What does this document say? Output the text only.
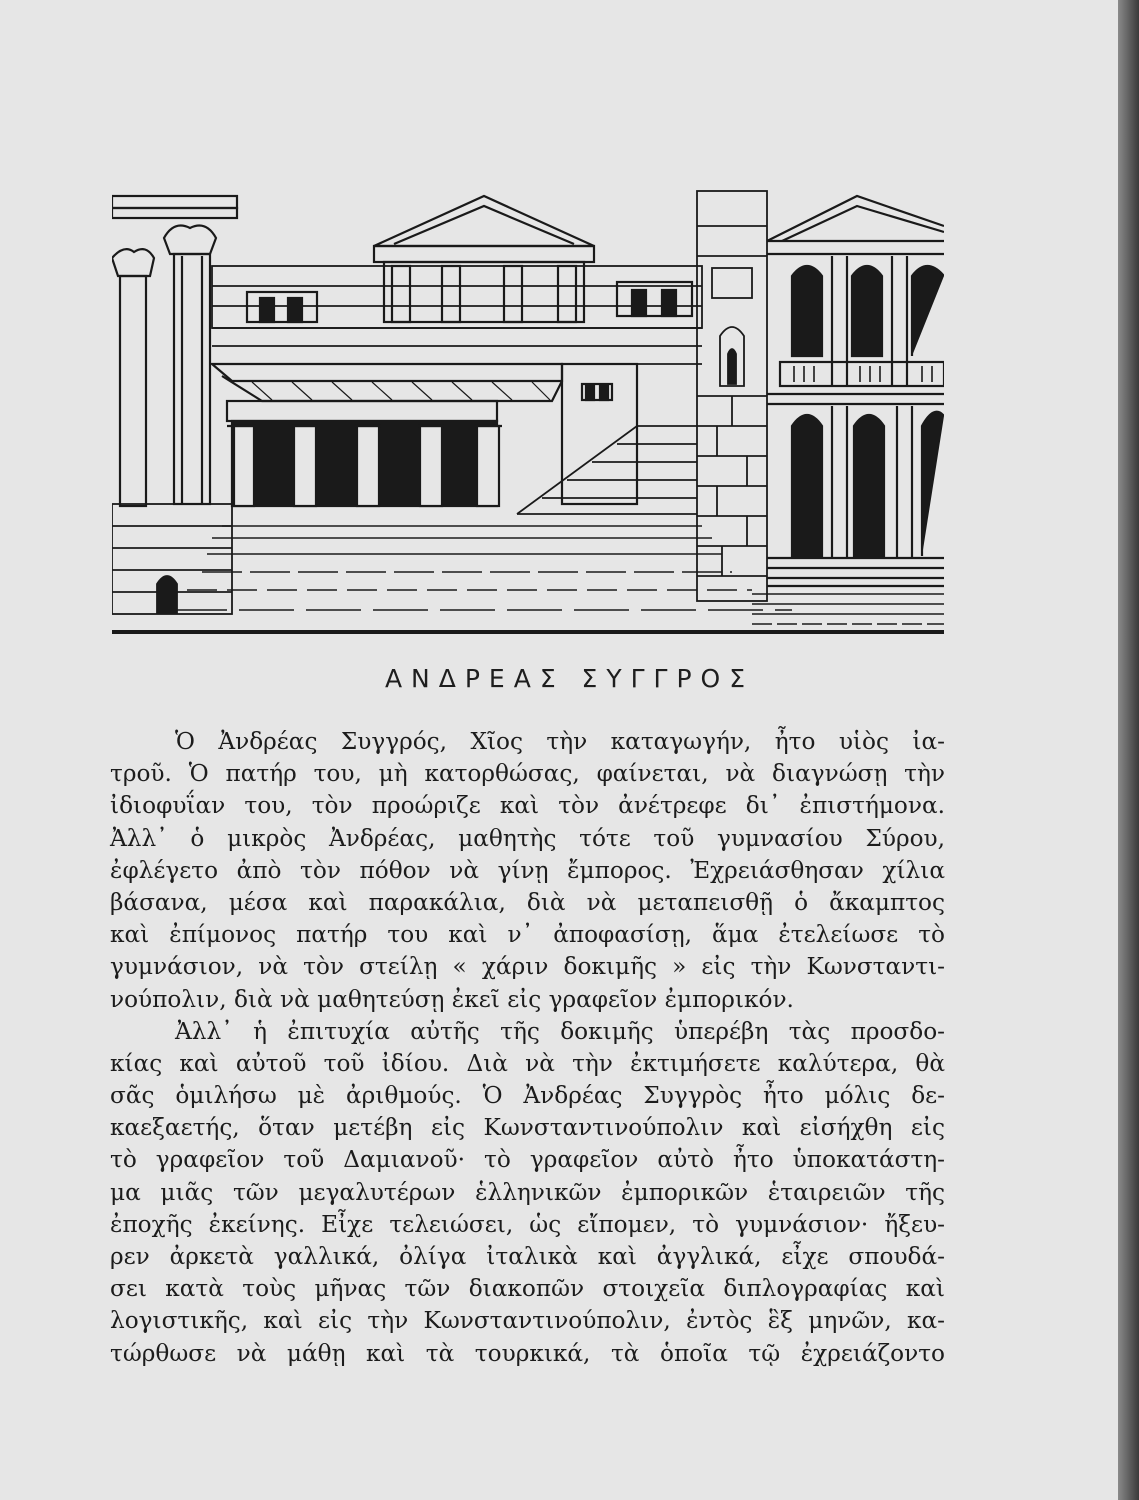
ΑΝΔΡΕΑΣ ΣΥΓΓΡΟΣ

Ὁ Ἀνδρέας Συγγρός, Χῖος τὴν καταγωγήν, ἦτο υἱὸς ἰα-
τροῦ. Ὁ πατήρ του, μὴ κατορθώσας, φαίνεται, νὰ διαγνώσῃ τὴν
ἰδιοφυΐαν του, τὸν προώριζε καὶ τὸν ἀνέτρεφε δι᾿ ἐπιστήμονα.
Ἀλλ᾿ ὁ μικρὸς Ἀνδρέας, μαθητὴς τότε τοῦ γυμνασίου Σύρου,
ἐφλέγετο ἀπὸ τὸν πόθον νὰ γίνῃ ἔμπορος. Ἐχρειάσθησαν χίλια
βάσανα, μέσα καὶ παρακάλια, διὰ νὰ μεταπεισθῇ ὁ ἄκαμπτος
καὶ ἐπίμονος πατήρ του καὶ ν᾿ ἀποφασίσῃ, ἅμα ἐτελείωσε τὸ
γυμνάσιον, νὰ τὸν στείλῃ « χάριν δοκιμῆς » εἰς τὴν Κωνσταντι-
νούπολιν, διὰ νὰ μαθητεύσῃ ἐκεῖ εἰς γραφεῖον ἐμπορικόν.

Ἀλλ᾿ ἡ ἐπιτυχία αὐτῆς τῆς δοκιμῆς ὑπερέβη τὰς προσδο-
κίας καὶ αὐτοῦ τοῦ ἰδίου. Διὰ νὰ τὴν ἐκτιμήσετε καλύτερα, θὰ
σᾶς ὁμιλήσω μὲ ἀριθμούς. Ὁ Ἀνδρέας Συγγρὸς ἦτο μόλις δε-
καεξαετής, ὅταν μετέβη εἰς Κωνσταντινούπολιν καὶ εἰσήχθη εἰς
τὸ γραφεῖον τοῦ Δαμιανοῦ· τὸ γραφεῖον αὐτὸ ἦτο ὑποκατάστη-
μα μιᾶς τῶν μεγαλυτέρων ἑλληνικῶν ἐμπορικῶν ἑταιρειῶν τῆς
ἐποχῆς ἐκείνης. Εἶχε τελειώσει, ὡς εἴπομεν, τὸ γυμνάσιον· ἤξευ-
ρεν ἀρκετὰ γαλλικά, ὀλίγα ἰταλικὰ καὶ ἀγγλικά, εἶχε σπουδά-
σει κατὰ τοὺς μῆνας τῶν διακοπῶν στοιχεῖα διπλογραφίας καὶ
λογιστικῆς, καὶ εἰς τὴν Κωνσταντινούπολιν, ἐντὸς ἓξ μηνῶν, κα-
τώρθωσε νὰ μάθῃ καὶ τὰ τουρκικά, τὰ ὁποῖα τῷ ἐχρειάζοντο
